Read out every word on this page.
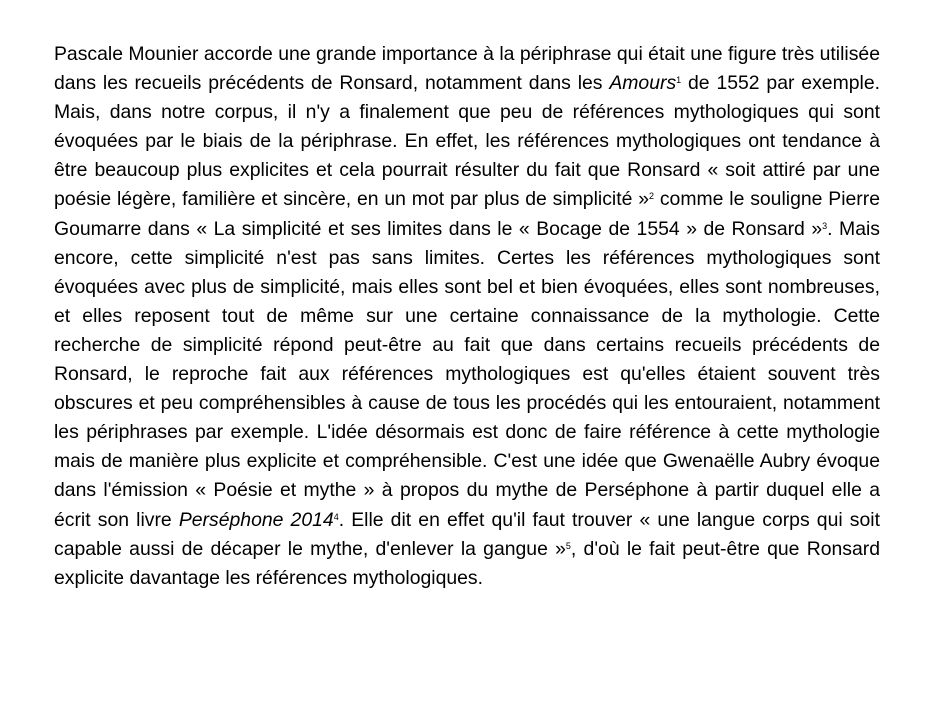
Pascale Mounier accorde une grande importance à la périphrase qui était une figure très utilisée dans les recueils précédents de Ronsard, notamment dans les Amours$^1$ de 1552 par exemple. Mais, dans notre corpus, il n'y a finalement que peu de références mythologiques qui sont évoquées par le biais de la périphrase. En effet, les références mythologiques ont tendance à être beaucoup plus explicites et cela pourrait résulter du fait que Ronsard « soit attiré par une poésie légère, familière et sincère, en un mot par plus de simplicité »$^2$ comme le souligne Pierre Goumarre dans « La simplicité et ses limites dans le « Bocage de 1554 » de Ronsard »$^3$. Mais encore, cette simplicité n'est pas sans limites. Certes les références mythologiques sont évoquées avec plus de simplicité, mais elles sont bel et bien évoquées, elles sont nombreuses, et elles reposent tout de même sur une certaine connaissance de la mythologie. Cette recherche de simplicité répond peut-être au fait que dans certains recueils précédents de Ronsard, le reproche fait aux références mythologiques est qu'elles étaient souvent très obscures et peu compréhensibles à cause de tous les procédés qui les entouraient, notamment les périphrases par exemple. L'idée désormais est donc de faire référence à cette mythologie mais de manière plus explicite et compréhensible. C'est une idée que Gwenaëlle Aubry évoque dans l'émission « Poésie et mythe » à propos du mythe de Perséphone à partir duquel elle a écrit son livre Perséphone 2014$^4$. Elle dit en effet qu'il faut trouver « une langue corps qui soit capable aussi de décaper le mythe, d'enlever la gangue »$^5$, d'où le fait peut-être que Ronsard explicite davantage les références mythologiques.
